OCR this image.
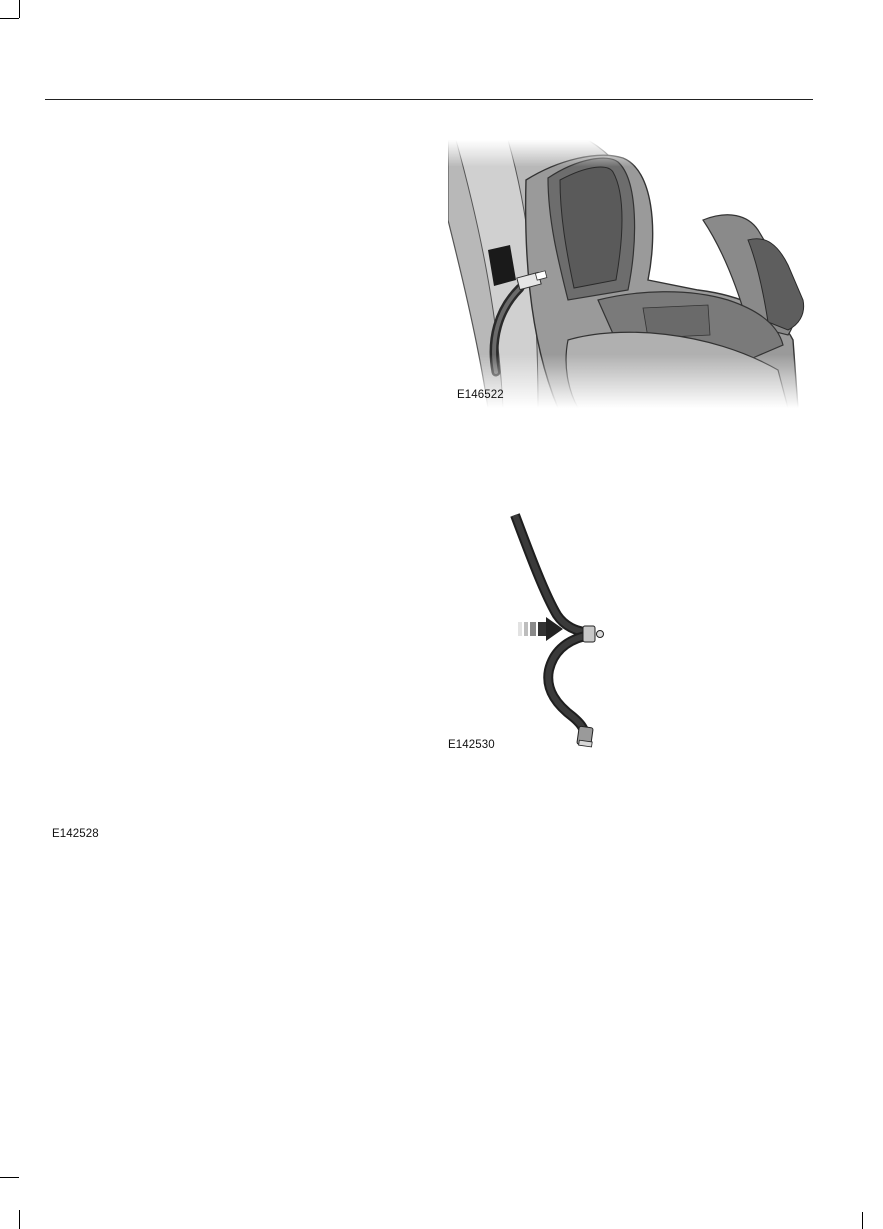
E146522
E142530
E142528
